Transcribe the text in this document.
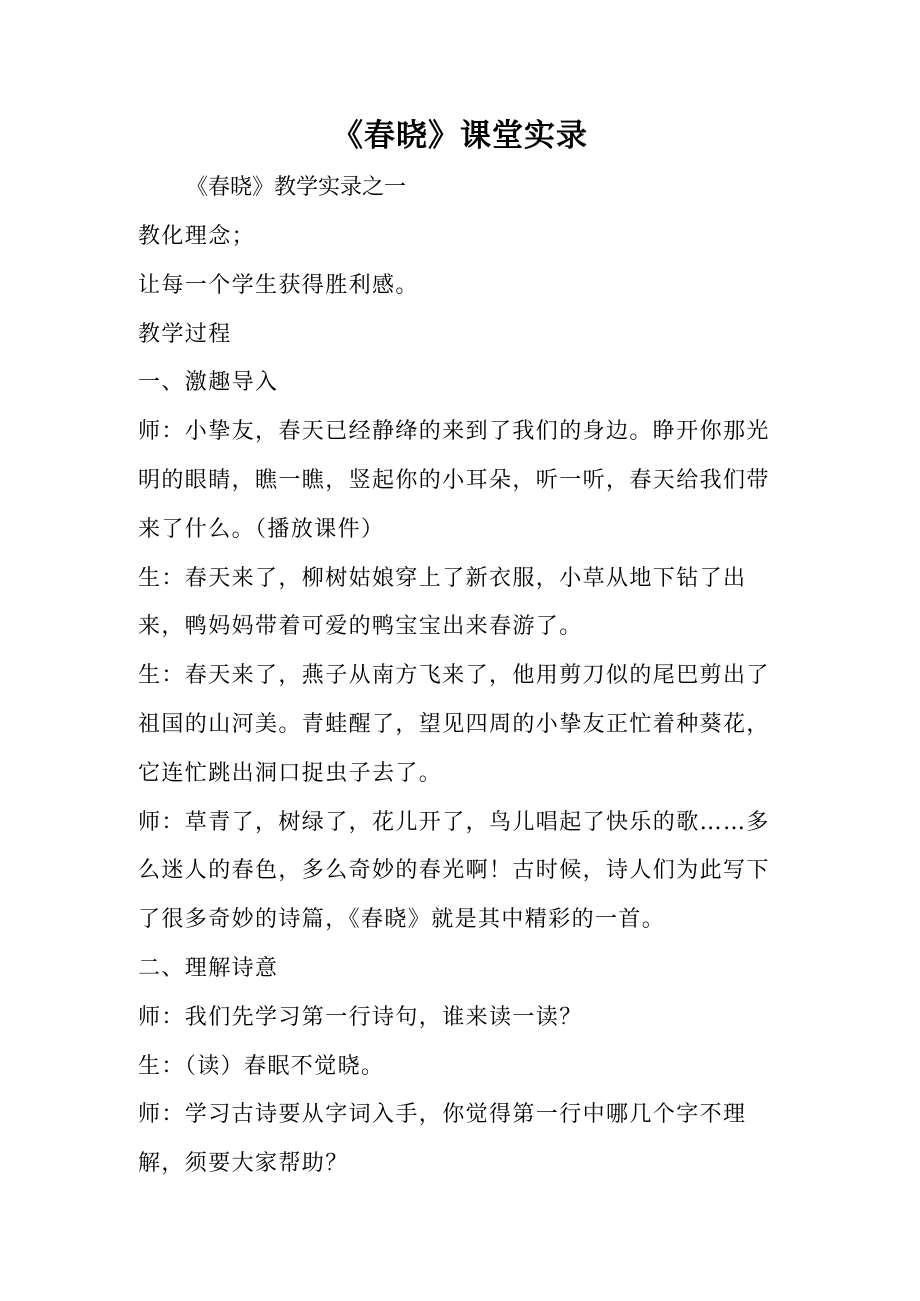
《春晓》课堂实录
《春晓》教学实录之一

教化理念；

让每一个学生获得胜利感。

教学过程

一、激趣导入

师：小挚友，春天已经静绛的来到了我们的身边。睁开你那光
明的眼睛，瞧一瞧，竖起你的小耳朵，听一听，春天给我们带
来了什么。（播放课件）

生：春天来了，柳树姑娘穿上了新衣服，小草从地下钻了出
来，鸭妈妈带着可爱的鸭宝宝出来春游了。

生：春天来了，燕子从南方飞来了，他用剪刀似的尾巴剪出了
祖国的山河美。青蛙醒了，望见四周的小挚友正忙着种葵花，
它连忙跳出洞口捉虫子去了。

师：草青了，树绿了，花儿开了，鸟儿唱起了快乐的歌……多
么迷人的春色，多么奇妙的春光啊！古时候，诗人们为此写下
了很多奇妙的诗篇，《春晓》就是其中精彩的一首。

二、理解诗意

师：我们先学习第一行诗句，谁来读一读？

生：（读）春眠不觉晓。

师：学习古诗要从字词入手，你觉得第一行中哪几个字不理
解，须要大家帮助？
